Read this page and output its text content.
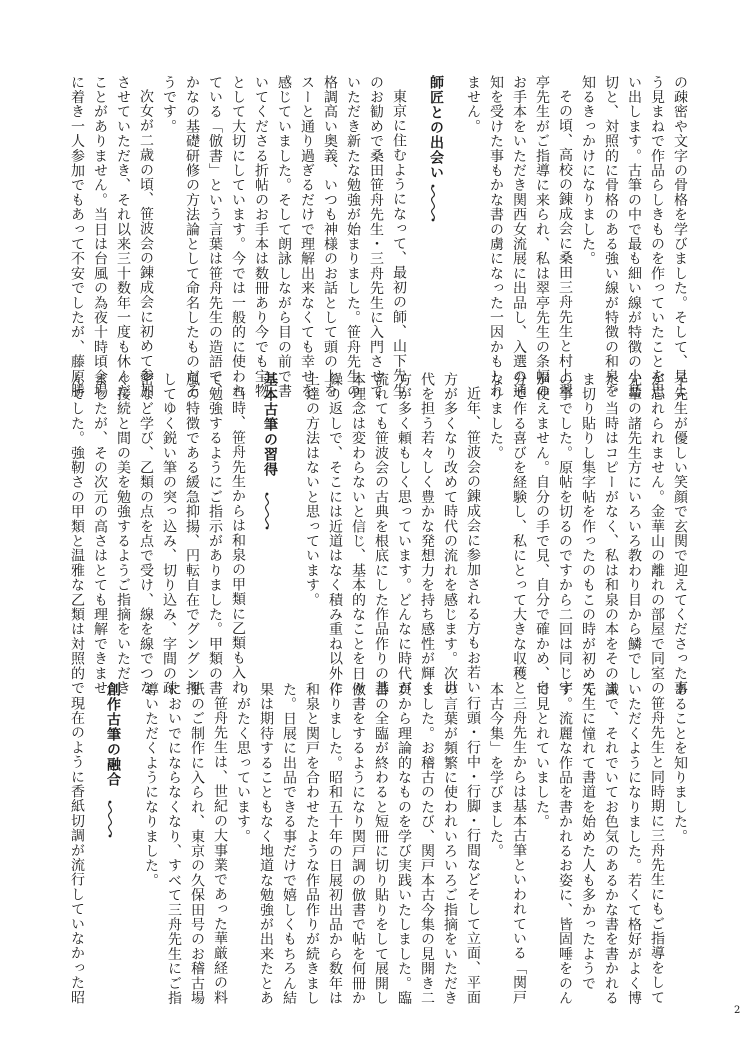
の疎密や文字の骨格を学びました。そして、見よ
う見まねで作品らしきものを作っていたことを思
い出します。古筆の中で最も細い線が特徴の小島
切と、対照的に骨格のある強い線が特徴の和泉を
知るきっかけになりました。
その頃、高校の錬成会に桑田三舟先生と村上翠
亭先生がご指導に来られ、私は翠亭先生の条幅の
お手本をいただき関西女流展に出品し、入選の通
知を受けた事もかな書の虜になった一因かもしれ
ません。
師匠との出会い
東京に住むようになって、最初の師、山下先生
のお勧めで桑田笹舟先生・三舟先生に入門させて
いただき新たな勉強が始まりました。笹舟先生の
格調高い奥義、いつも神様のお話として頭の上を
スーと通り過ぎるだけで理解出来なくても幸せを
感じていました。そして朗詠しながら目の前で書
いてくださる折帖のお手本は数冊あり今でも宝物
として大切にしています。今では一般的に使われ
ている「倣書」という言葉は笹舟先生の造語で、
かなの基礎研修の方法論として命名したものだそ
うです。
次女が二歳の頃、笹波会の錬成会に初めて参加
させていただき、それ以来三十数年一度も休んだ
ことがありません。当日は台風の為夜十時頃会場
に着き一人参加でもあって不安でしたが、藤原勝
子先生が優しい笑顔で玄関で迎えてくださった事
が忘れられません。金華山の離れの部屋で同室の
先輩の諸先生方にいろいろ教わり目から鱗でし
た。当時はコピーがなく、私は和泉の本をそのま
ま切り貼りし集字帖を作ったのもこの時が初めて
の事でした。原帖を切るのですから二回は同じ字
が使えません。自分の手で見、自分で確かめ、自
分で作る喜びを経験し、私にとって大きな収穫と
なりました。
近年、笹波会の錬成会に参加される方もお若い
方が多くなり改めて時代の流れを感じます。次世
代を担う若々しく豊かな発想力を持ち感性が輝く
方が多く頼もしく思っています。どんなに時代が
流れても笹波会の古典を根底にした作品作りの基
本理念は変わらないと信じ、基本的なことを日々
繰り返しで、そこには近道はなく積み重ね以外に
上達の方法はないと思っています。
基本古筆の習得
当時、笹舟先生からは和泉の甲類に乙類も入れ
て勉強するようにご指示がありました。甲類の書
風の特徴である緩急抑揚、円転自在でグングン押
してゆく鋭い筆の突っ込み、切り込み、字間の疎
密など学び、乙類の点を点で受け、線を線でつな
ぐ接続と間の美を勉強するようご指摘をいただき
ましたが、その次元の高さはとても理解できませ
んでした。強靭さの甲類と温雅な乙類は対照的で
あることを知りました。
笹舟先生と同時期に三舟先生にもご指導をして
いただくようになりました。若くて格好がよく博
識で、それでいてお色気のあるかな書を書かれる
先生に憧れて書道を始めた人も多かったようで
す。流麗な作品を書かれるお姿に、皆固唾をのん
で見とれていました。
三舟先生からは基本古筆といわれている「関戸
本古今集」を学びました。
行頭・行中・行脚・行間などそして立面、平面
の言葉が頻繁に使われいろいろご指摘をいただき
ました。お稽古のたび、関戸本古今集の見開き二
頁から理論的なものを学び実践いたしました。臨
書の全臨が終わると短冊に切り貼りをして展開し
倣書をするようになり関戸調の倣書で帖を何冊か
作りました。昭和五十年の日展初出品から数年は
和泉と関戸を合わせたような作品作りが続きまし
た。日展に出品できる事だけで嬉しくもちろん結
果は期待することもなく地道な勉強が出来たとあ
りがたく思っています。
笹舟先生は、世紀の大事業であった華厳経の料
紙のご制作に入られ、東京の久保田号のお稽古場
においでにならなくなり、すべて三舟先生にご指
導いただくようになりました。
創作古筆の融合
現在のように香紙切調が流行していなかった昭
2
